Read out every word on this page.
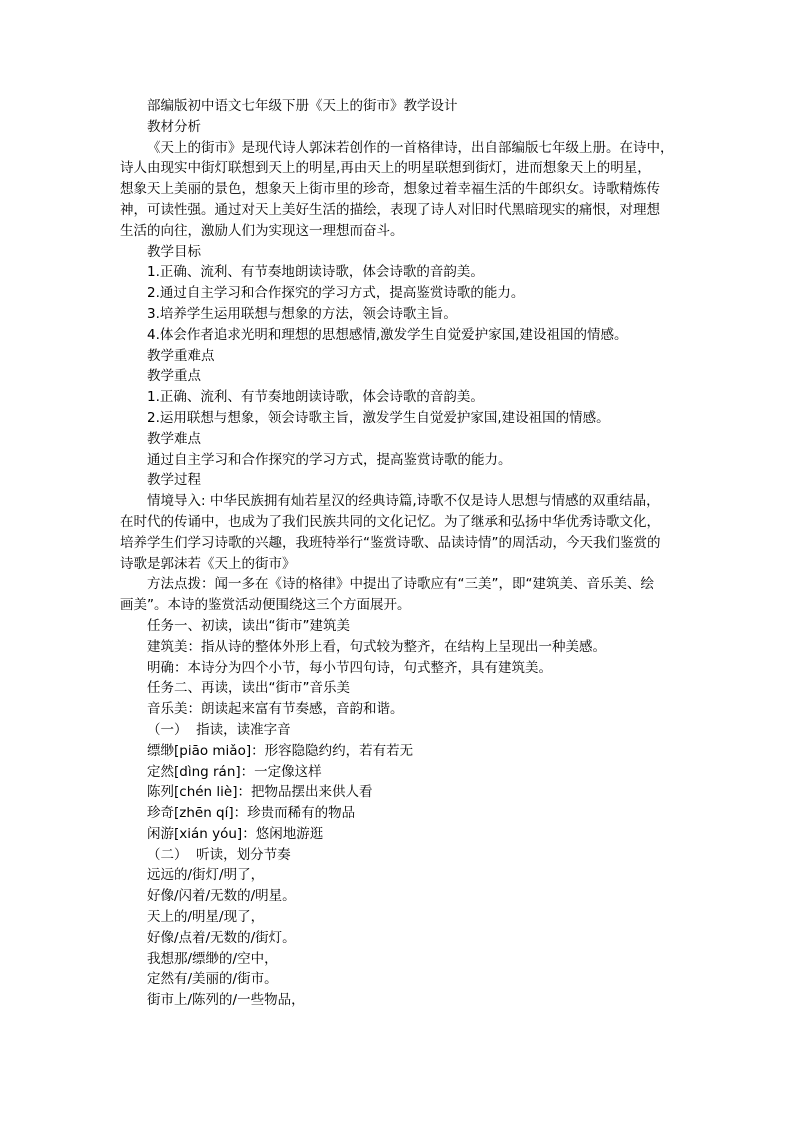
部编版初中语文七年级下册《天上的街市》教学设计

教材分析

《天上的街市》是现代诗人郭沫若创作的一首格律诗，出自部编版七年级上册。在诗中，

诗人由现实中街灯联想到天上的明星,再由天上的明星联想到街灯，进而想象天上的明星，

想象天上美丽的景色，想象天上街市里的珍奇，想象过着幸福生活的牛郎织女。诗歌精炼传

神，可读性强。通过对天上美好生活的描绘，表现了诗人对旧时代黑暗现实的痛恨，对理想

生活的向往，激励人们为实现这一理想而奋斗。

教学目标

1.正确、流利、有节奏地朗读诗歌，体会诗歌的音韵美。

2.通过自主学习和合作探究的学习方式，提高鉴赏诗歌的能力。

3.培养学生运用联想与想象的方法，领会诗歌主旨。

4.体会作者追求光明和理想的思想感情,激发学生自觉爱护家国,建设祖国的情感。

教学重难点

教学重点

1.正确、流利、有节奏地朗读诗歌，体会诗歌的音韵美。

2.运用联想与想象，领会诗歌主旨，激发学生自觉爱护家国,建设祖国的情感。

教学难点

通过自主学习和合作探究的学习方式，提高鉴赏诗歌的能力。

教学过程

情境导入: 中华民族拥有灿若星汉的经典诗篇,诗歌不仅是诗人思想与情感的双重结晶，

在时代的传诵中，也成为了我们民族共同的文化记忆。为了继承和弘扬中华优秀诗歌文化，

培养学生们学习诗歌的兴趣，我班特举行“鉴赏诗歌、品读诗情”的周活动，今天我们鉴赏的

诗歌是郭沫若《天上的街市》

方法点拨：闻一多在《诗的格律》中提出了诗歌应有“三美”，即“建筑美、音乐美、绘

画美”。本诗的鉴赏活动便围绕这三个方面展开。

任务一、初读，读出“街市”建筑美

建筑美：指从诗的整体外形上看，句式较为整齐，在结构上呈现出一种美感。

明确：本诗分为四个小节，每小节四句诗，句式整齐，具有建筑美。

任务二、再读，读出“街市”音乐美

音乐美：朗读起来富有节奏感，音韵和谐。

（一）  指读，读准字音

缥缈[piāo miǎo]：形容隐隐约约，若有若无

定然[dìng rán]：一定像这样

陈列[chén liè]：把物品摆出来供人看

珍奇[zhēn qí]：珍贵而稀有的物品

闲游[xián yóu]：悠闲地游逛

（二）  听读，划分节奏

远远的/街灯/明了，

好像/闪着/无数的/明星。

天上的/明星/现了，

好像/点着/无数的/街灯。

我想那/缥缈的/空中，

定然有/美丽的/街市。

街市上/陈列的/一些物品，
